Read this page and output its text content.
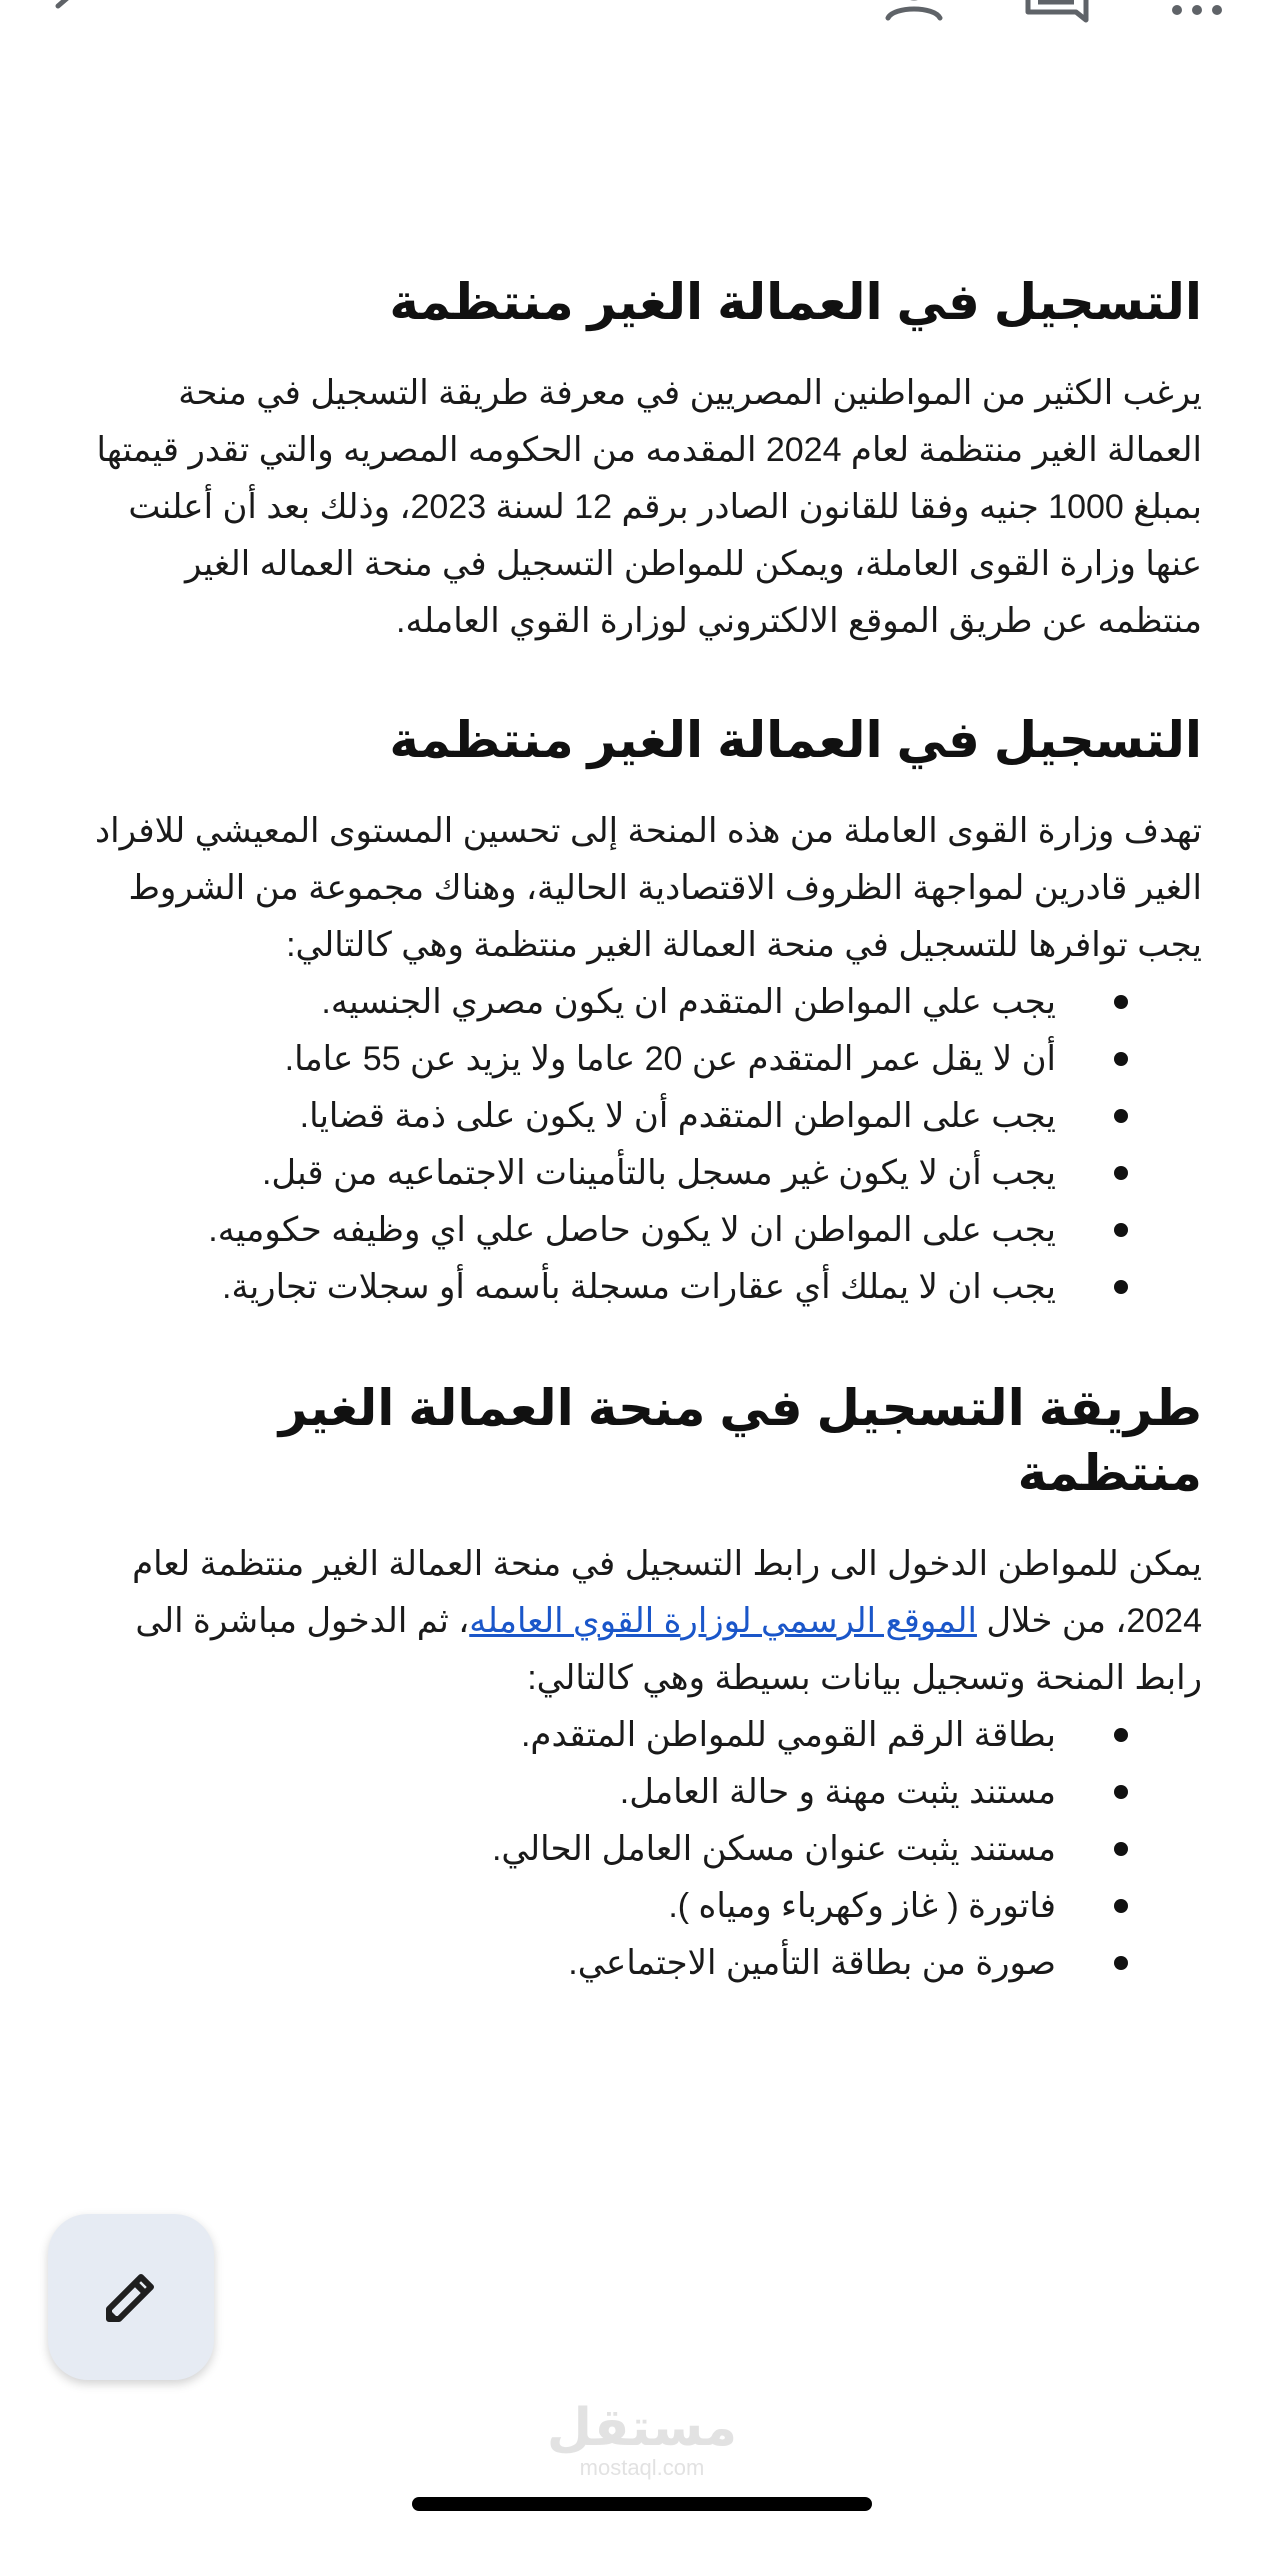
التسجيل في العمالة الغير منتظمة

يرغب الكثير من المواطنين المصريين في معرفة طريقة التسجيل في منحة العمالة الغير منتظمة لعام 2024 المقدمه من الحكومه المصريه والتي تقدر قيمتها بمبلغ 1000 جنيه وفقا للقانون الصادر برقم 12 لسنة 2023، وذلك بعد أن أعلنت عنها وزارة القوى العاملة، ويمكن للمواطن التسجيل في منحة العماله الغير منتظمه عن طريق الموقع الالكتروني لوزارة القوي العامله.

التسجيل في العمالة الغير منتظمة

تهدف وزارة القوى العاملة من هذه المنحة إلى تحسين المستوى المعيشي للافراد الغير قادرين لمواجهة الظروف الاقتصادية الحالية، وهناك مجموعة من الشروط يجب توافرها للتسجيل في منحة العمالة الغير منتظمة وهي كالتالي:

يجب علي المواطن المتقدم ان يكون مصري الجنسيه.
أن لا يقل عمر المتقدم عن 20 عاما ولا يزيد عن 55 عاما.
يجب على المواطن المتقدم أن لا يكون على ذمة قضايا.
يجب أن لا يكون غير مسجل بالتأمينات الاجتماعيه من قبل.
يجب على المواطن ان لا يكون حاصل علي اي وظيفه حكوميه.
يجب ان لا يملك أي عقارات مسجلة بأسمه أو سجلات تجارية.
طريقة التسجيل في منحة العمالة الغير منتظمة

يمكن للمواطن الدخول الى رابط التسجيل في منحة العمالة الغير منتظمة لعام 2024، من خلال الموقع الرسمي لوزارة القوي العامله، ثم الدخول مباشرة الى رابط المنحة وتسجيل بيانات بسيطة وهي كالتالي:

بطاقة الرقم القومي للمواطن المتقدم.
مستند يثبت مهنة و حالة العامل.
مستند يثبت عنوان مسكن العامل الحالي.
فاتورة ( غاز وكهرباء ومياه ).
صورة من بطاقة التأمين الاجتماعي.
مستقل
mostaql.com
